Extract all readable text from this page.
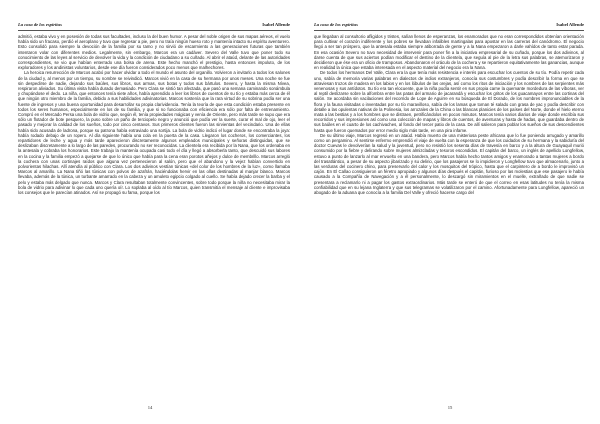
La casa de los espíritus	Isabel Allende

admitió, estaba vivo y en posesión de todas sus facultades, incluso la del buen humor. A pesar del noble origen de sus mapas aéreos, el vuelo había sido un fracaso, perdió el aeroplano y tuvo que regresar a pie, pero no traía ningún hueso roto y mantenía intacto su espíritu aventurero. Esto consolidó para siempre la devoción de la familia por su tamo y no sirvió de escarmiento a las generaciones futuras que también intentaron volar con diferentes medios. Legalmente, sin embargo, Marcos era un cadáver. Severo del Valle tuvo que poner todo su conocimiento de las leyes al servicio de devolver la vida y la condición de ciudadano a su cuñado. Al abrir el ataúd, delante de las autoridades correspondientes, se vio que habían enterrado una bolsa de arena. Este hecho manchó el prestigio, hasta entonces impoluto, de los exploradores y los andinistas voluntarios, desde ese día fueron considerados poco menos que malhechores.

La heroica resurrección de Marcos acabó por hacer olvidar a todo el mundo el asunto del organillo. Volvieron a invitarlo a todos los salones de la ciudad y, al menos por un tiempo, su nombre se reivindicó. Marcos vivió en la casa de su hermana por unos meses. Una noche se fue sin despedirse de nadie, dejando sus baúles, sus libros, sus armas, sus botas y todos sus bártulos. Severo, y hasta la misma Nívea, respiraron aliviados. Su última visita había durado demasiado. Pero Clara se sintió tan afectada, que pasó una semana caminando sonámbula y chupándose el dedo. La niña, que entonces tenía siete años, había aprendido a leer los libros de cuentos de su tío y estaba más cerca de él que ningún otro miembro de la familia, debido a sus habilidades adivinatorias. Marcos sostenía que la rara virtud de su sobrina podía ser una fuente de ingresos y una buena oportunidad para desarrollar su propia clarividencia. Tenía la teoría de que esta condición estaba presente en todos los seres humanos, especialmente en los de su familia, y que si no funcionaba con eficiencia era sólo por falta de entrenamiento. Compró en el Mercado Persa una bola de vidrio que, según él, tenía propiedades mágicas y venía de Oriente, pero más tarde se supo que era sólo un flotador de bote pesquero, la puso sobre un paño de terciopelo negro y anunció que podía ver la suerte, curar el mal de ojo, leer el pasado y mejorar la calidad de los sueños, todo por cinco centavos. Sus primeros clientes fueron las sirvientas del vecindario. Una de ellas había sido acusada de ladrona, porque su patrona había extraviado una sortija. La bola de vidrio indicó el lugar donde se encontraba la joya: había rodado debajo de un ropero. Al día siguiente había una cola en la puerta de la casa. Llegaron los cocheros, los comerciantes, los repartidores de leche y agua y más tarde aparecieron discretamente algunos empleados municipales y señoras distinguidas, que se deslizaban discretamente a lo largo de las paredes, procurando no ser reconocidas. La clientela era recibida por la Nana, que los ordenaba en la antesala y cobraba los honorarios. Este trabajo la mantenía ocupada casi todo el día y llegó a absorberla tanto, que descuidó sus labores en la cocina y la familia empezó a quejarse de que lo único que había para la cena eran porotos añejos y dulce de membrillo. Marcos arregló la cochera con unas cortinajes raídos que alguna vez pertenecieron al salón, pero que el abandono y la vejez habían convertido en polvorientas hilachas. Allí atendía al público con Clara. Los dos adivinos vestían túnicas «del color de los hombres de la luz», como llamaba Marcos al amarillo. La Nana tiñó las túnicas con polvos de azafrán, haciéndolas hervir en las ollas destinadas al manjar blanco. Marcos llevaba, además de la túnica, un turbante amarrado en la cabeza y un amuleto egipcio colgado al cuello. Se había dejado crecer la barba y el pelo y estaba más delgado que nunca. Marcos y Clara resultaban totalmente convincentes, sobre todo porque la niña no necesitaba mirar la bola de vidrio para adivinar lo que cada uno quería oír. Lo soplaba al oído al tío Marcos, quien transmitía el mensaje al cliente e improvisaba los consejos que le parecían atinados. Así se propagó su fama, porque los

14
La casa de los espíritus	Isabel Allende

que llegaban al consultorio afligidos y tristes, salían llenos de esperanzas, los enamorados que no eran correspondidos obtenían orientación para cultivar el corazón indiferente y los pobres se llevaban infalibles martingalas para apostar en las carreras del canódromo. El negocio llegó a ser tan próspero, que la antesala estaba siempre atiborrada de gente y a la Nana empezaron a darle vahídos de tanto estar parada. En esa ocasión Severo no tuvo necesidad de intervenir para poner fin a la iniciativa empresarial de su cuñado, porque los dos adivinos, al darse cuenta de que sus aciertos podían modificar el destino de la clientela, que seguía al pie de la letra sus palabras, se atemorizaron y decidieron que ése era un oficio de tramposos. Abandonaron el oráculo de la cochera y se repartieron equitativamente las ganancias, aunque en realidad la única que estaba interesada en el aspecto material del negocio era la Nana.

De todos los hermanos Del Valle, Clara era la que tenía más resistencia e interés para escuchar los cuentos de su tío. Podía repetir cada uno, sabía de memoria varias palabras en dialectos de indios extranjeros, conocía sus costumbres y podía describir la forma en que se atraviesan trozos de madera en los labios y en los lóbulos de las orejas, así como los ritos de iniciación y los nombres de las serpientes más venenosas y sus antídotos. Su tío era tan elocuente, que la niña podía sentir en sus propia carne la quemante mordedura de las víboras, ver al reptil deslizarse sobre la alfombra entre las patas del armario de jacarandá y escuchar los gritos de los guacamayos entre las cortinas del salón. Se acordaba sin vacilaciones del recorrido de Lope de Aguirre en su búsqueda de El Dorado, de los nombres impronunciables de la flora y la fauna visitadas o inventadas por su tío maravilloso, sabía de los lamas que toman té salado con grasa de yac y podía describir con detalle a las opulentas nativas de la Polinesia, los arrozales de la China o las blancas planicies de los países del Norte, donde el hielo eterno mata a las bestias y a los hombres que se distraen, petrificándolos en pocos minutos. Marcos tenía varios diarios de viaje donde escribía sus recorridos y sus impresiones así como una colección de mapas y libros de cuentos, de aventuras y hasta de hadas, que guardaba dentro de sus baúles en el cuarto de los cachivaches, al fondo del tercer patio de la casa. De allí salieron para poblar los sueños de sus descendientes hasta que fueron quemados por error medio siglo más tarde, en una pira infame.

De su último viaje, Marcos regresó en un ataúd. Había muerto de una misteriosa peste africana que lo fue poniendo arrugado y amarillo como un pergamino. Al sentirse enfermo emprendió el viaje de vuelta con la esperanza de que los cuidados de su hermana y la sabiduría del doctor Cuevas le devolverían la salud y la juventud, pero no resistió los sesenta días de travesía en barco y a la altura de Guayaquil murió consumido por la fiebre y delirando sobre mujeres almizcladas y tesoros escondidos. El capitán del barco, un inglés de apellido Longfellow, estuvo a punto de lanzarlo al mar envuelto en una bandera, pero Marcos había hecho tantos amigos y enamorado a tantas mujeres a bordo del trasatlántico, a pesar de su aspecto jibarizado y su delirio, que los pasajeros se lo impidieron y Longfellow tuvo que almacenarlo, junto a las verduras del cocinero chino, para preservarlo del calor y los mosquitos del trópico, hasta que el carpintero de a bordo le improvisó un cajón. En El Callao consiguieron un féretro apropiado y algunos días después el capitán, furioso por las molestias que ese pasajero le había causado a la Compañía de Navegación y a él personalmente, lo descargó sin miramientos en el muelle, extrañado de que nadie se presentara a reclamarlo ni a pagar los gastos extraordinarios. Más tarde se enteró de que el correo en esas latitudes no tenía la misma confiabilidad que en su lejana Inglaterra y que sus telegramas se volatilizaron por el camino. Afortunadamente para Longfellow, apareció un abogado de la aduana que conocía a la familia Del Valle y ofreció hacerse cargo del

15
